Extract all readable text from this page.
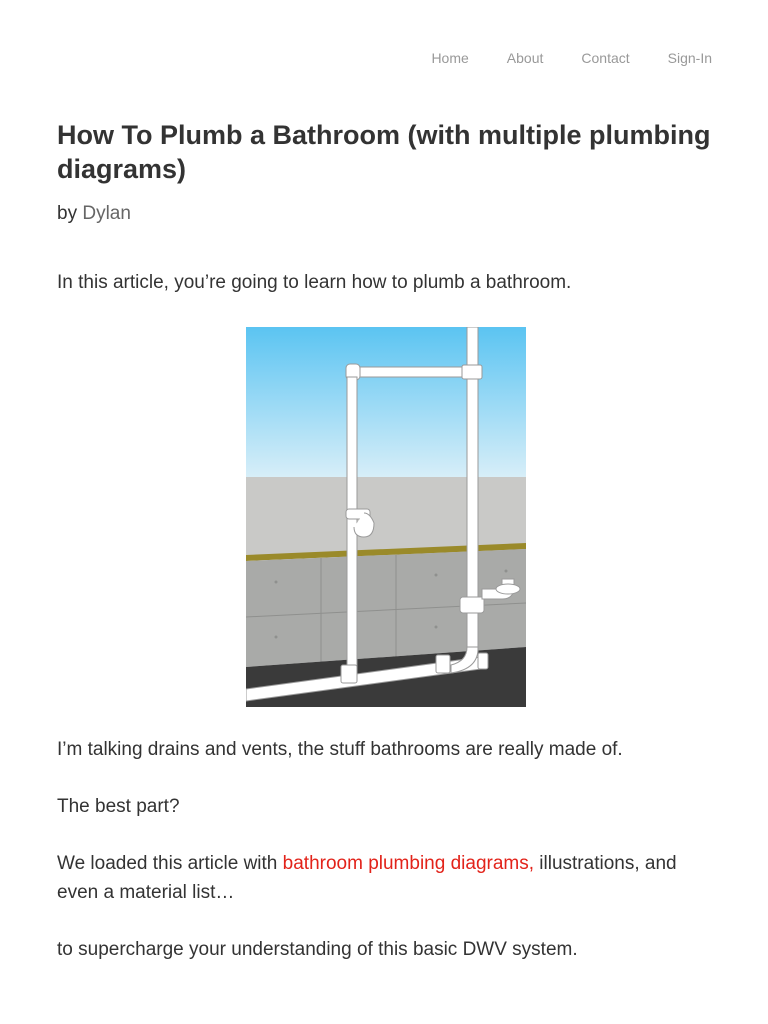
Home	About	Contact	Sign-In
How To Plumb a Bathroom (with multiple plumbing diagrams)
by Dylan

In this article, you’re going to learn how to plumb a bathroom.

I’m talking drains and vents, the stuff bathrooms are really made of.

The best part?

We loaded this article with bathroom plumbing diagrams, illustrations, and even a material list…

to supercharge your understanding of this basic DWV system.
